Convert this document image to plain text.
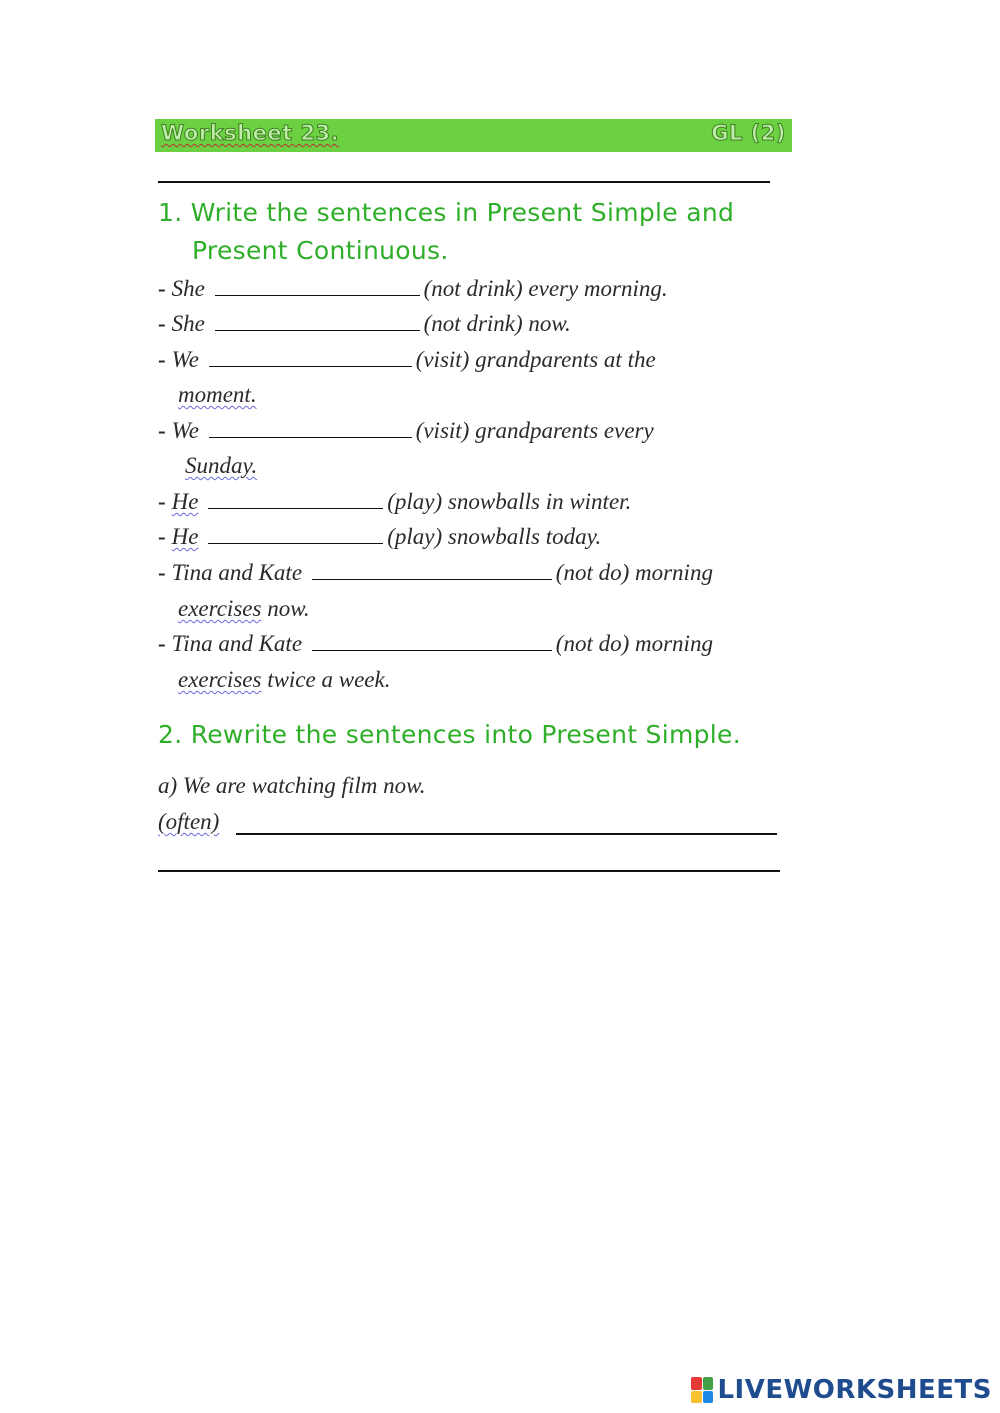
Worksheet 23.	GL (2)
1. Write the sentences in Present Simple and
Present Continuous.
- She	(not drink) every morning.
- She	(not drink) now.
- We	(visit) grandparents at the
moment.
- We	(visit) grandparents every
Sunday.
- He	(play) snowballs in winter.
- He	(play) snowballs today.
- Tina and Kate	(not do) morning
exercises now.
- Tina and Kate	(not do) morning
exercises twice a week.
2. Rewrite the sentences into Present Simple.
a) We are watching film now.
(often)
LIVEWORKSHEETS
